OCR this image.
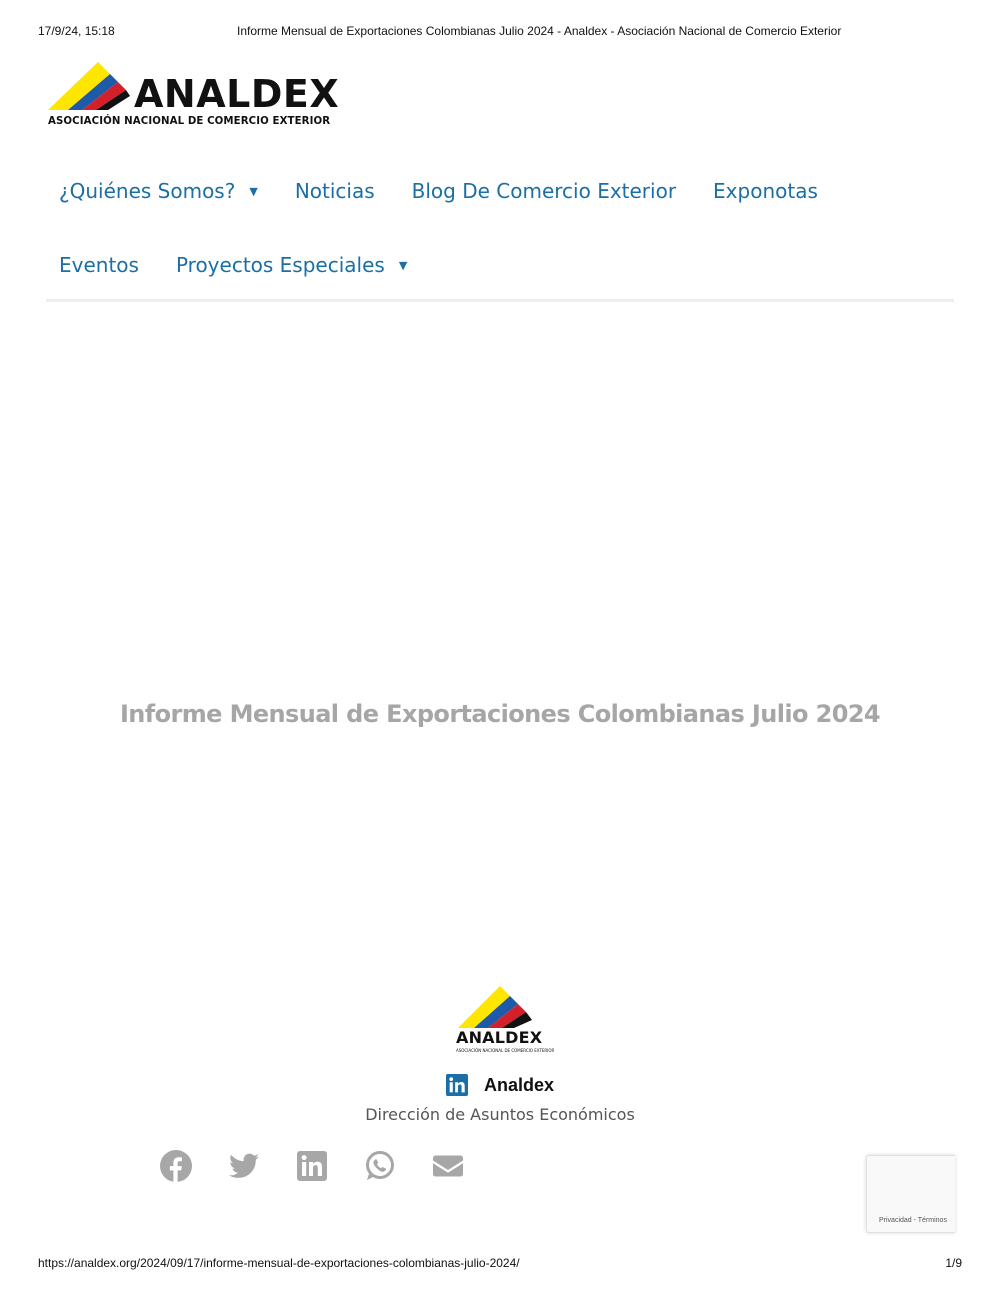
17/9/24, 15:18	Informe Mensual de Exportaciones Colombianas Julio 2024 - Analdex - Asociación Nacional de Comercio Exterior
ANALDEX
ASOCIACIÓN NACIONAL DE COMERCIO EXTERIOR
¿Quiénes Somos? ▼ Noticias Blog De Comercio Exterior Exponotas
Eventos Proyectos Especiales ▼
Informe Mensual de Exportaciones Colombianas Julio 2024
ANALDEX
ASOCIACIÓN NACIONAL DE COMERCIO EXTERIOR
Analdex
Dirección de Asuntos Económicos
Privacidad - Términos
https://analdex.org/2024/09/17/informe-mensual-de-exportaciones-colombianas-julio-2024/	1/9
